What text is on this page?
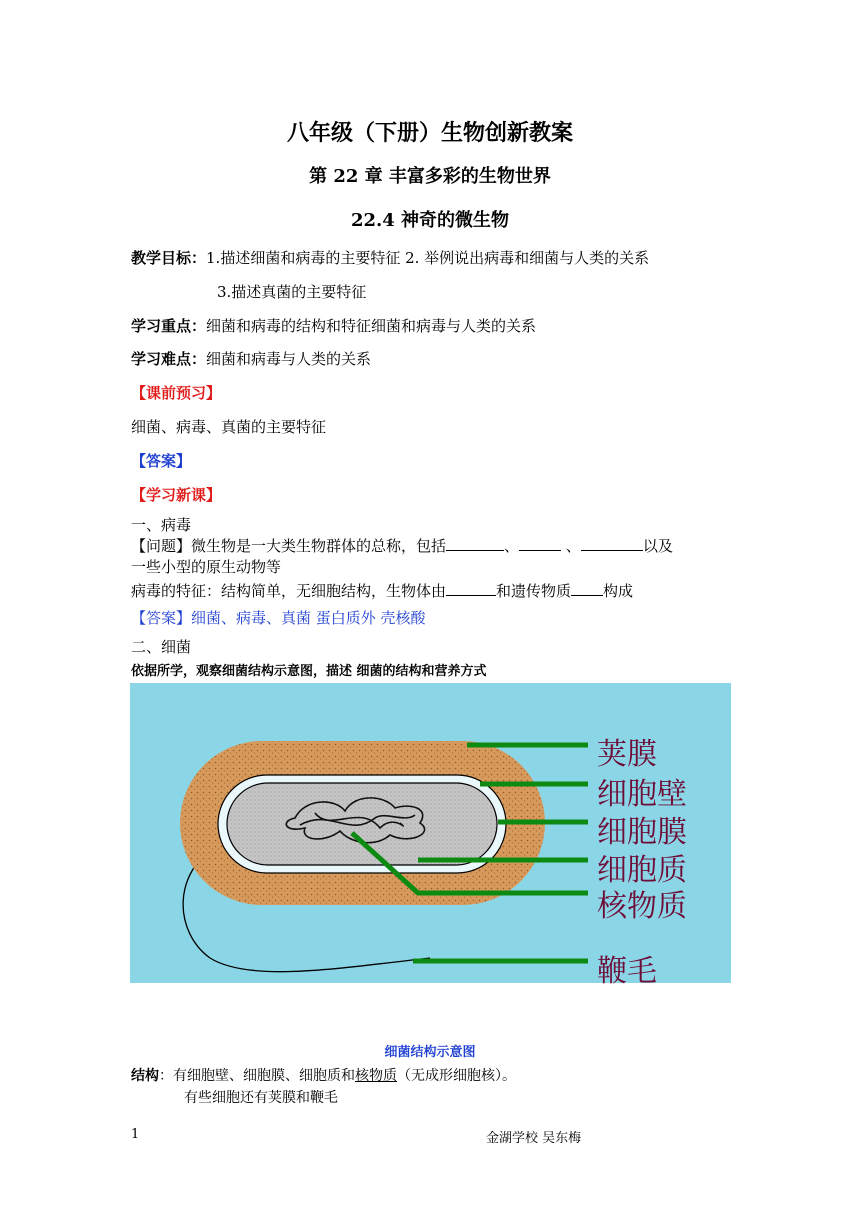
八年级（下册）生物创新教案
第 22 章 丰富多彩的生物世界
22.4 神奇的微生物
教学目标：1.描述细菌和病毒的主要特征 2. 举例说出病毒和细菌与人类的关系
3.描述真菌的主要特征
学习重点：细菌和病毒的结构和特征细菌和病毒与人类的关系
学习难点：细菌和病毒与人类的关系
【课前预习】
细菌、病毒、真菌的主要特征
【答案】
【学习新课】
一、病毒
【问题】微生物是一大类生物群体的总称，包括	、	、	以及
一些小型的原生动物等
病毒的特征：结构简单，无细胞结构，生物体由	和遗传物质 构成
【答案】细菌、病毒、真菌 蛋白质外 壳核酸
二、细菌
依据所学，观察细菌结构示意图，描述 细菌的结构和营养方式
荚膜
细胞壁
细胞膜
细胞质
核物质
鞭毛
细菌结构示意图
结构：有细胞壁、细胞膜、细胞质和核物质（无成形细胞核）。
有些细胞还有荚膜和鞭毛
1	金湖学校 吴东梅
